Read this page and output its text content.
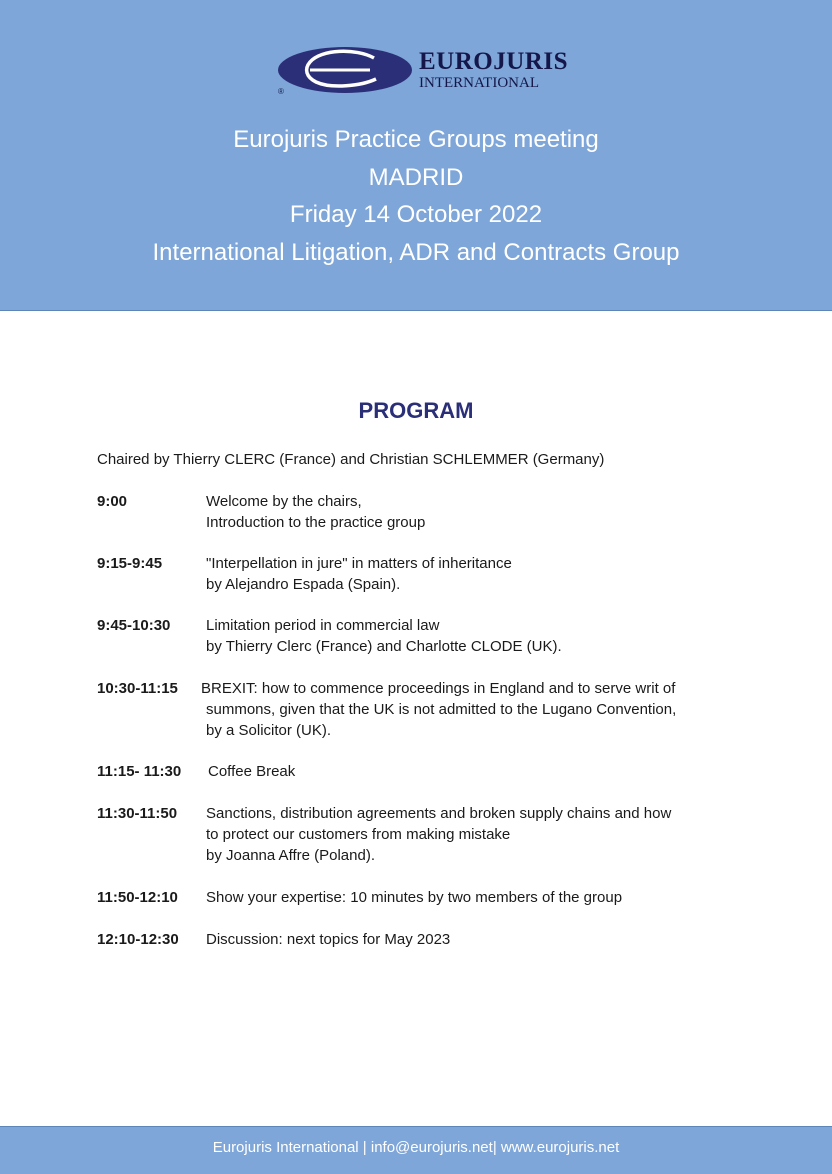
®
EUROJURIS
INTERNATIONAL
Eurojuris Practice Groups meeting
MADRID
Friday 14 October 2022
International Litigation, ADR and Contracts Group
PROGRAM
Chaired by Thierry CLERC (France) and Christian SCHLEMMER (Germany)
9:00	Welcome by the chairs,
Introduction to the practice group
9:15-9:45	"Interpellation in jure" in matters of inheritance
by Alejandro Espada (Spain).
9:45-10:30 Limitation period in commercial law
by Thierry Clerc (France) and Charlotte CLODE (UK).
10:30-11:15 BREXIT: how to commence proceedings in England and to serve writ of
summons, given that the UK is not admitted to the Lugano Convention,
by a Solicitor (UK).
11:15- 11:30 Coffee Break
11:30-11:50 Sanctions, distribution agreements and broken supply chains and how
to protect our customers from making mistake
by Joanna Affre (Poland).
11:50-12:10 Show your expertise: 10 minutes by two members of the group
12:10-12:30 Discussion: next topics for May 2023
Eurojuris International | info@eurojuris.net| www.eurojuris.net
